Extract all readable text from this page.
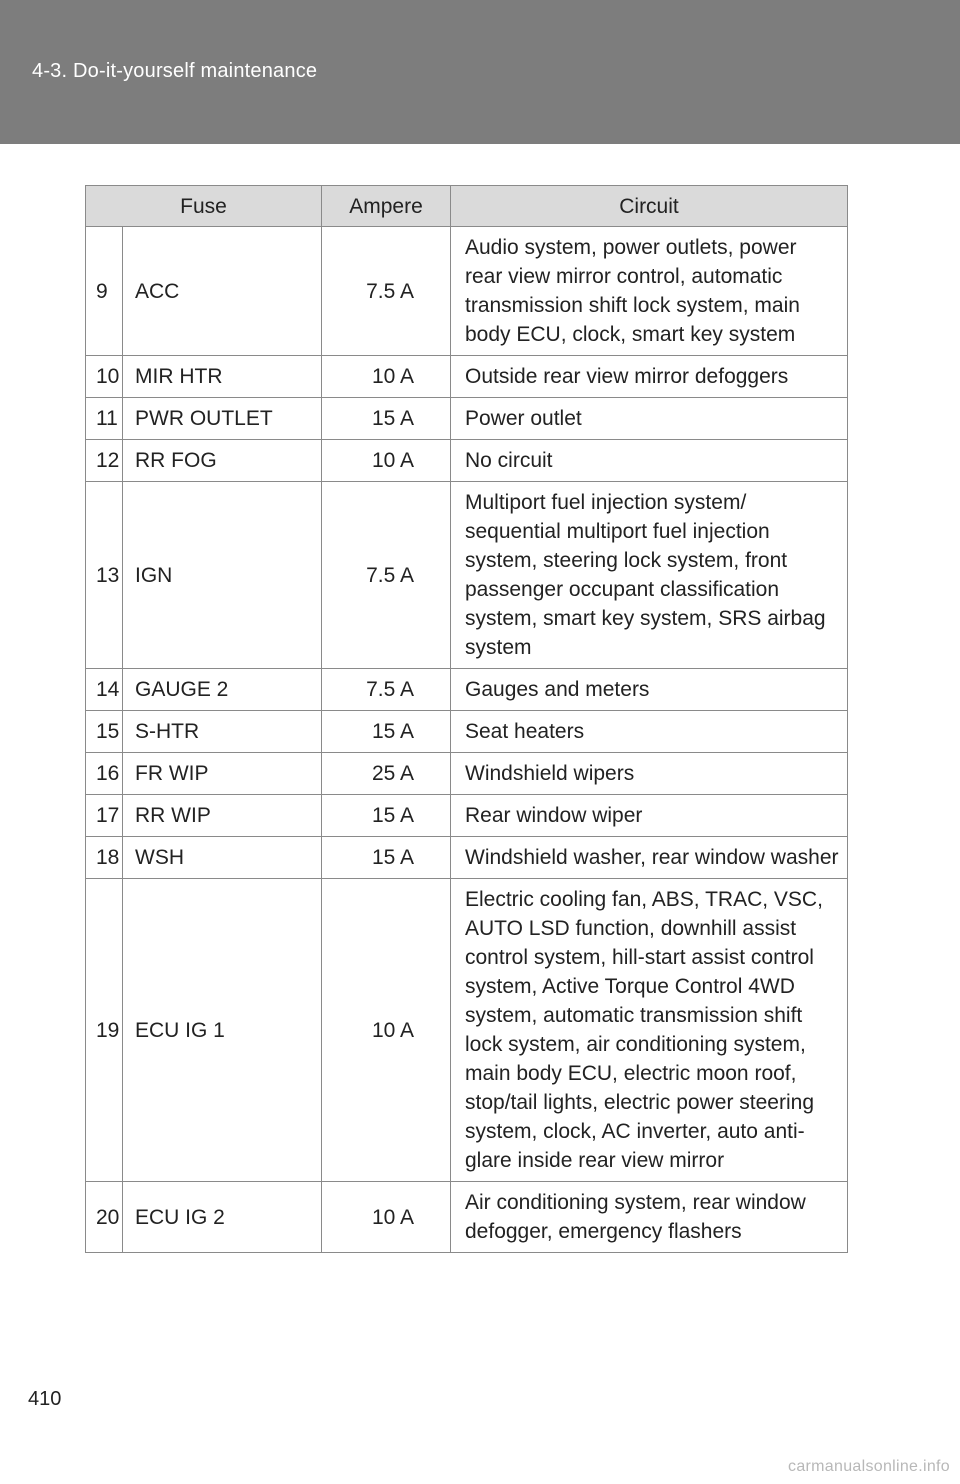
4-3. Do-it-yourself maintenance
Fuse		Ampere	Circuit
9	ACC	7.5 A	Audio system, power outlets, power rear view mirror control, automatic transmission shift lock system, main body ECU, clock, smart key system
10	MIR HTR	10 A	Outside rear view mirror defoggers
11	PWR OUTLET	15 A	Power outlet
12	RR FOG	10 A	No circuit
13	IGN	7.5 A	Multiport fuel injection system/ sequential multiport fuel injection system, steering lock system, front passenger occupant classification system, smart key system, SRS airbag system
14	GAUGE 2	7.5 A	Gauges and meters
15	S-HTR	15 A	Seat heaters
16	FR WIP	25 A	Windshield wipers
17	RR WIP	15 A	Rear window wiper
18	WSH	15 A	Windshield washer, rear window washer
19	ECU IG 1	10 A	Electric cooling fan, ABS, TRAC, VSC, AUTO LSD function, downhill assist control system, hill-start assist control system, Active Torque Control 4WD system, automatic transmission shift lock system, air conditioning system, main body ECU, electric moon roof, stop/tail lights, electric power steering system, clock, AC inverter, auto anti-glare inside rear view mirror
20	ECU IG 2	10 A	Air conditioning system, rear window defogger, emergency flashers
410
carmanualsonline.info
